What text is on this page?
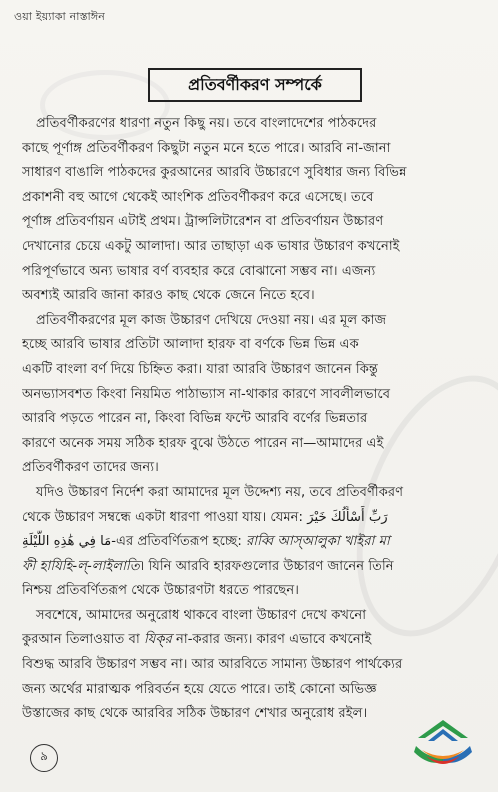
ওয়া ইয়্যাকা নাস্তাঈন
প্রতিবর্ণীকরণ সম্পর্কে
প্রতিবর্ণীকরণের ধারণা নতুন কিছু নয়। তবে বাংলাদেশের পাঠকদের
কাছে পূর্ণাঙ্গ প্রতিবর্ণীকরণ কিছুটা নতুন মনে হতে পারে। আরবি না-জানা
সাধারণ বাঙালি পাঠকদের কুরআনের আরবি উচ্চারণে সুবিধার জন্য বিভিন্ন
প্রকাশনী বহু আগে থেকেই আংশিক প্রতিবর্ণীকরণ করে এসেছে। তবে
পূর্ণাঙ্গ প্রতিবর্ণায়ন এটাই প্রথম। ট্রান্সলিটারেশন বা প্রতিবর্ণায়ন উচ্চারণ
দেখানোর চেয়ে একটু আলাদা। আর তাছাড়া এক ভাষার উচ্চারণ কখনোই
পরিপূর্ণভাবে অন্য ভাষার বর্ণ ব্যবহার করে বোঝানো সম্ভব না। এজন্য
অবশ্যই আরবি জানা কারও কাছ থেকে জেনে নিতে হবে।
প্রতিবর্ণীকরণের মূল কাজ উচ্চারণ দেখিয়ে দেওয়া নয়। এর মূল কাজ
হচ্ছে আরবি ভাষার প্রতিটা আলাদা হারফ বা বর্ণকে ভিন্ন ভিন্ন এক
একটি বাংলা বর্ণ দিয়ে চিহ্নিত করা। যারা আরবি উচ্চারণ জানেন কিন্তু
অনভ্যাসবশত কিংবা নিয়মিত পাঠাভ্যাস না-থাকার কারণে সাবলীলভাবে
আরবি পড়তে পারেন না, কিংবা বিভিন্ন ফন্টে আরবি বর্ণের ভিন্নতার
কারণে অনেক সময় সঠিক হারফ বুঝে উঠতে পারেন না—আমাদের এই
প্রতিবর্ণীকরণ তাদের জন্য।
যদিও উচ্চারণ নির্দেশ করা আমাদের মূল উদ্দেশ্য নয়, তবে প্রতিবর্ণীকরণ
থেকে উচ্চারণ সম্বন্ধে একটা ধারণা পাওয়া যায়। যেমন: رَبِّ أَسْأَلُكَ خَيْرَ
مَا فِي هَٰذِهِ اللَّيْلَةِ-এর প্রতিবর্ণিতরূপ হচ্ছে: রাব্বি আস্‌আলুকা খাইরা মা
ফী হাযিহি-ল্‌-লাইলাতি। যিনি আরবি হারফগুলোর উচ্চারণ জানেন তিনি
নিশ্চয় প্রতিবর্ণিতরূপ থেকে উচ্চারণটা ধরতে পারছেন।
সবশেষে, আমাদের অনুরোধ থাকবে বাংলা উচ্চারণ দেখে কখনো
কুরআন তিলাওয়াত বা যিক্‌র না-করার জন্য। কারণ এভাবে কখনোই
বিশুদ্ধ আরবি উচ্চারণ সম্ভব না। আর আরবিতে সামান্য উচ্চারণ পার্থক্যের
জন্য অর্থের মারাত্মক পরিবর্তন হয়ে যেতে পারে। তাই কোনো অভিজ্ঞ
উস্তাজের কাছ থেকে আরবির সঠিক উচ্চারণ শেখার অনুরোধ রইল।
৯
